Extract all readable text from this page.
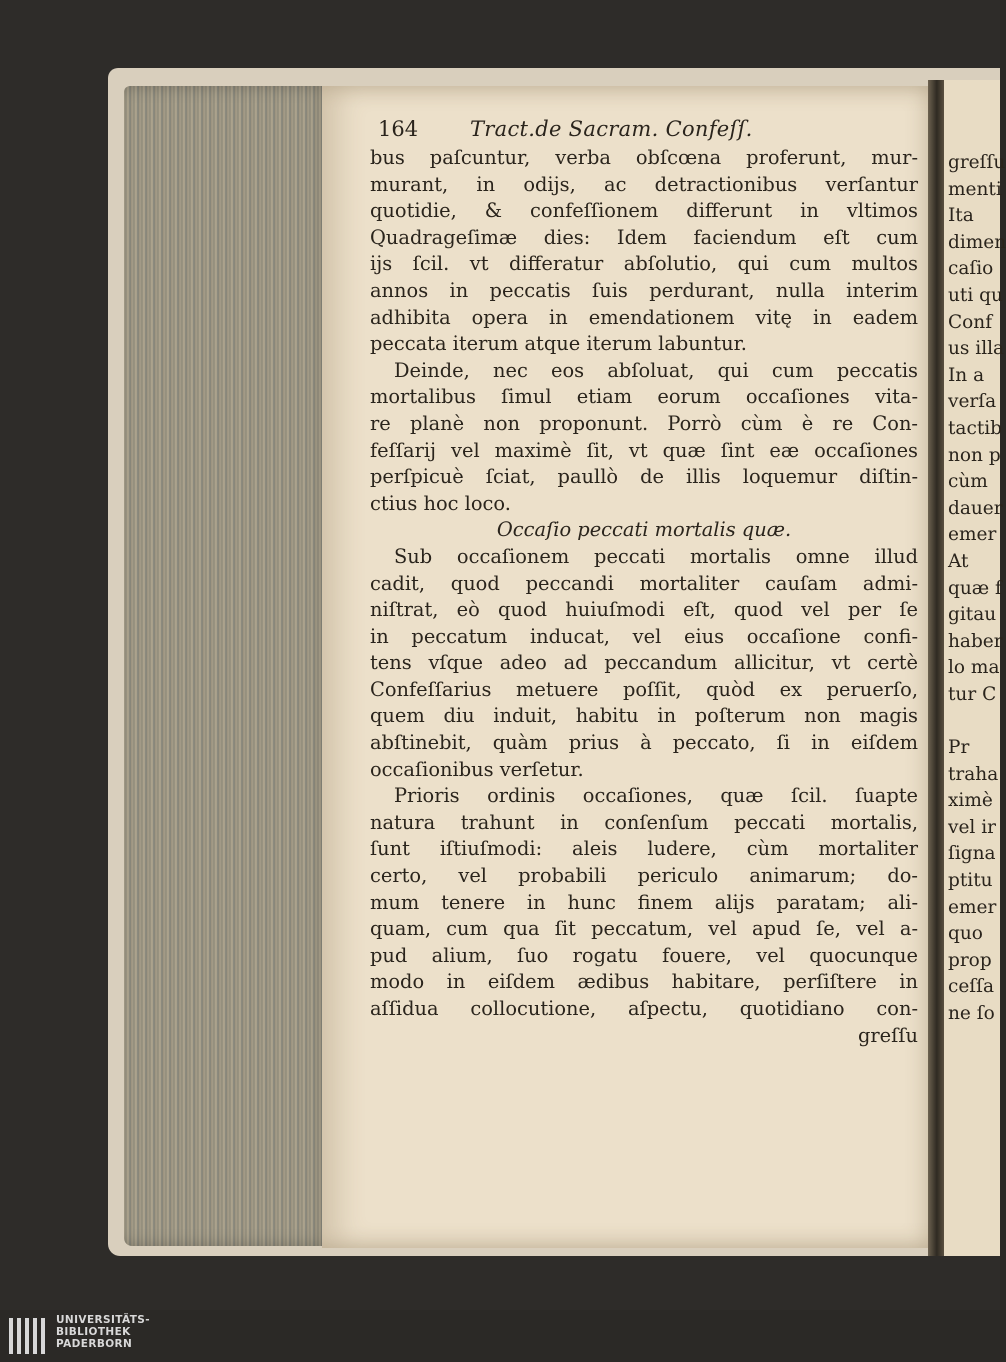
greſſu
menti
Ita
dimen
caſio
uti qu
Conf
us illa
In a
verſa
tactib
non p
cùm
dauer
emer
At
quæ f
gitau
haber
lo ma
tur C
Pr
traha
ximè
vel ir
ſigna
ptitu
emer
quo
prop
ceſſa
ne ſo
164	Tract.de Sacram. Confeſſ.
bus paſcuntur, verba obſcœna proferunt, mur-
murant, in odijs, ac detractionibus verſantur
quotidie, & confeſſionem differunt in vltimos
Quadrageſimæ dies: Idem faciendum eſt cum
ijs ſcil. vt differatur abſolutio, qui cum multos
annos in peccatis ſuis perdurant, nulla interim
adhibita opera in emendationem vitę in eadem
peccata iterum atque iterum labuntur.
Deinde, nec eos abſoluat, qui cum peccatis
mortalibus ſimul etiam eorum occaſiones vita-
re planè non proponunt. Porrò cùm è re Con-
feſſarij vel maximè ſit, vt quæ ſint eæ occaſiones
perſpicuè ſciat, paullò de illis loquemur diſtin-
ctius hoc loco.
Occaſio peccati mortalis quæ.
Sub occaſionem peccati mortalis omne illud
cadit, quod peccandi mortaliter cauſam admi-
niſtrat, eò quod huiuſmodi eſt, quod vel per ſe
in peccatum inducat, vel eius occaſione confi-
tens vſque adeo ad peccandum allicitur, vt certè
Confeſſarius metuere poſſit, quòd ex peruerſo,
quem diu induit, habitu in poſterum non magis
abſtinebit, quàm prius à peccato, ſi in eiſdem
occaſionibus verſetur.
Prioris ordinis occaſiones, quæ ſcil. ſuapte
natura trahunt in conſenſum peccati mortalis,
ſunt iſtiuſmodi: aleis ludere, cùm mortaliter
certo, vel probabili periculo animarum; do-
mum tenere in hunc finem alijs paratam; ali-
quam, cum qua ſit peccatum, vel apud ſe, vel a-
pud alium, ſuo rogatu fouere, vel quocunque
modo in eiſdem ædibus habitare, perſiſtere in
aſſidua collocutione, aſpectu, quotidiano con-
greſſu
UNIVERSITÄTS-
BIBLIOTHEK
PADERBORN
